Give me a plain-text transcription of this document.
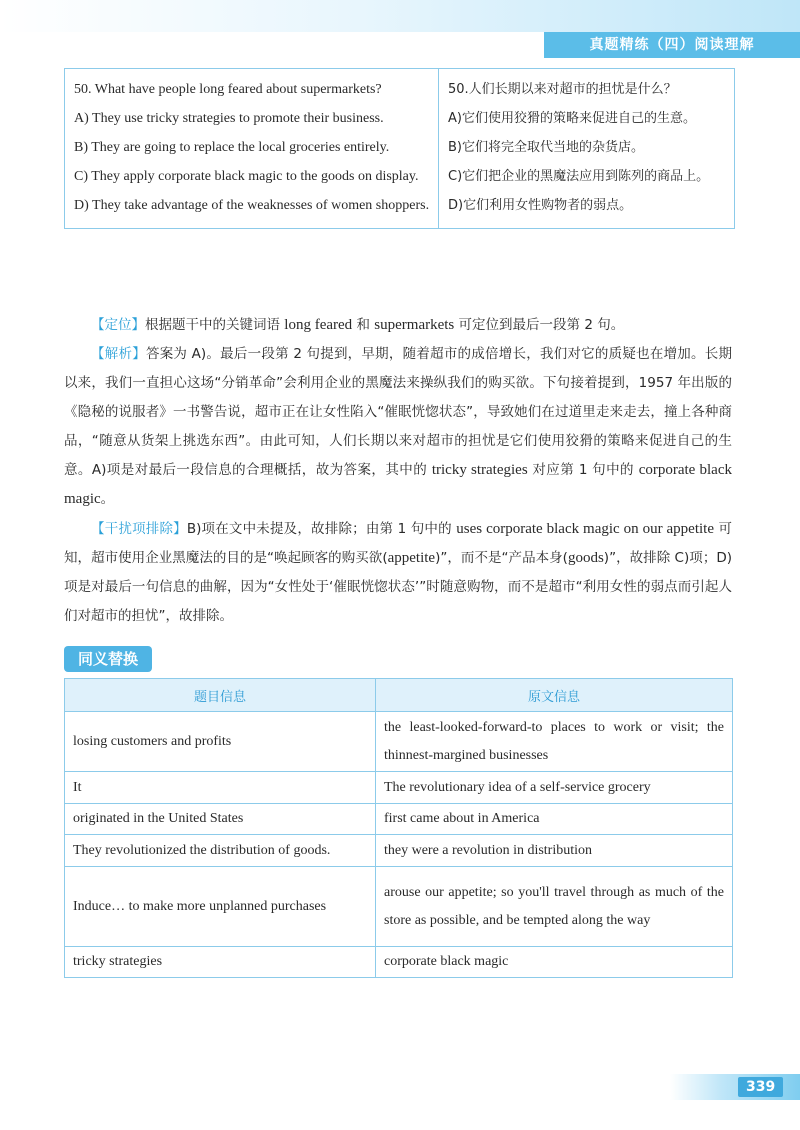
真题精练（四）阅读理解

50. What have people long feared about supermarkets?

A) They use tricky strategies to promote their business.

B) They are going to replace the local groceries entirely.

C) They apply corporate black magic to the goods on display.

D) They take advantage of the weaknesses of women shoppers.

50.人们长期以来对超市的担忧是什么？

A)它们使用狡猾的策略来促进自己的生意。

B)它们将完全取代当地的杂货店。

C)它们把企业的黑魔法应用到陈列的商品上。

D)它们利用女性购物者的弱点。

【定位】根据题干中的关键词语 long feared 和 supermarkets 可定位到最后一段第 2 句。

【解析】答案为 A)。最后一段第 2 句提到，早期，随着超市的成倍增长，我们对它的质疑也在增加。长期以来，我们一直担心这场“分销革命”会利用企业的黑魔法来操纵我们的购买欲。下句接着提到，1957 年出版的《隐秘的说服者》一书警告说，超市正在让女性陷入“催眠恍惚状态”，导致她们在过道里走来走去，撞上各种商品，“随意从货架上挑选东西”。由此可知，人们长期以来对超市的担忧是它们使用狡猾的策略来促进自己的生意。A)项是对最后一段信息的合理概括，故为答案，其中的 tricky strategies 对应第 1 句中的 corporate black magic。

【干扰项排除】B)项在文中未提及，故排除；由第 1 句中的 uses corporate black magic on our appetite 可知，超市使用企业黑魔法的目的是“唤起顾客的购买欲(appetite)”，而不是“产品本身(goods)”，故排除 C)项；D)项是对最后一句信息的曲解，因为“女性处于‘催眠恍惚状态’”时随意购物，而不是超市“利用女性的弱点而引起人们对超市的担忧”，故排除。

同义替换
题目信息	原文信息
losing customers and profits	the least-looked-forward-to places to work or visit; the thinnest-margined businesses
It	The revolutionary idea of a self-service grocery
originated in the United States	first came about in America
They revolutionized the distribution of goods.	they were a revolution in distribution
Induce… to make more unplanned purchases	arouse our appetite; so you'll travel through as much of the store as possible, and be tempted along the way
tricky strategies	corporate black magic
339
